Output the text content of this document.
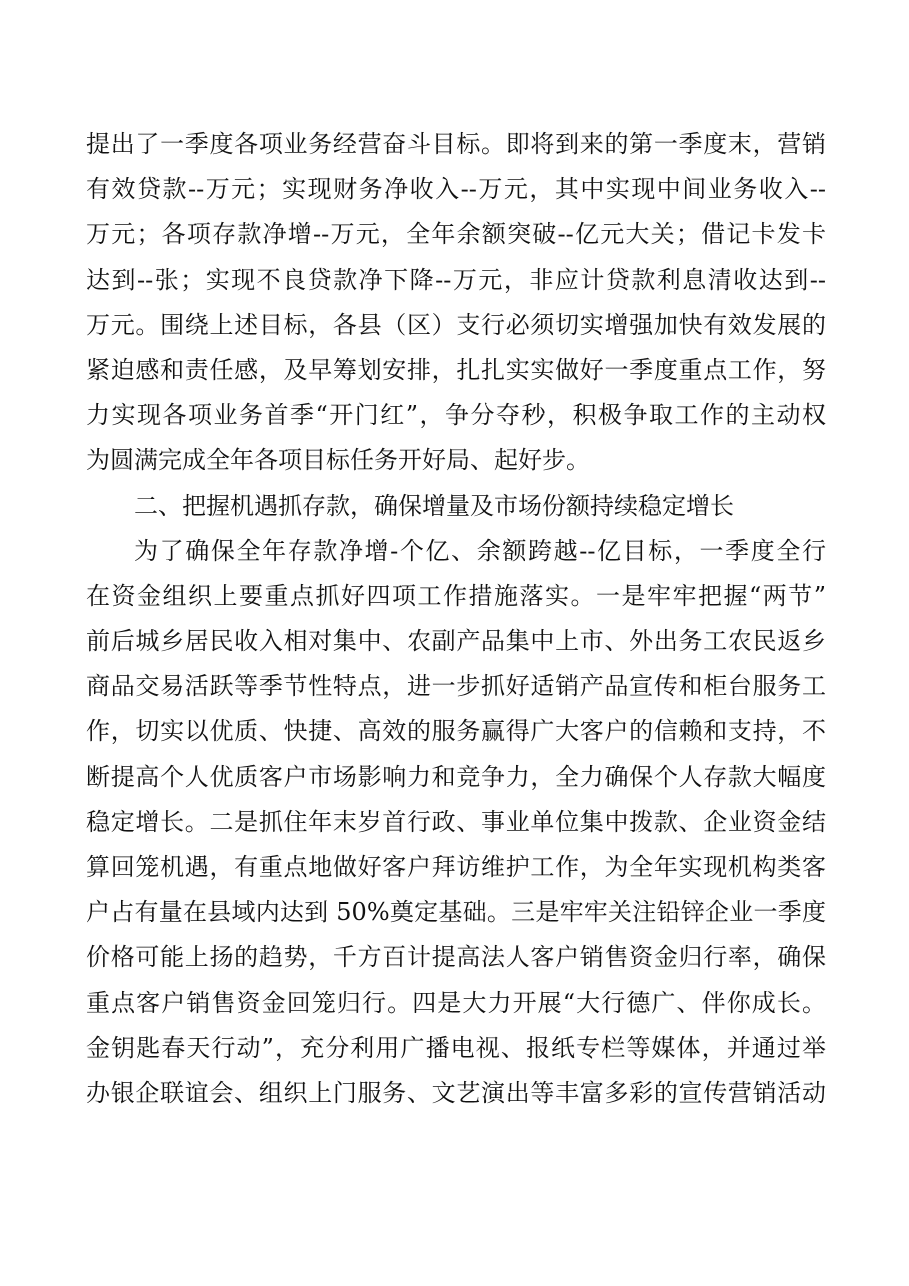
提出了一季度各项业务经营奋斗目标。即将到来的第一季度末，营销
有效贷款--万元；实现财务净收入--万元，其中实现中间业务收入--
万元；各项存款净增--万元，全年余额突破--亿元大关；借记卡发卡
达到--张；实现不良贷款净下降--万元，非应计贷款利息清收达到--
万元。围绕上述目标，各县（区）支行必须切实增强加快有效发展的
紧迫感和责任感，及早筹划安排，扎扎实实做好一季度重点工作，努
力实现各项业务首季“开门红”，争分夺秒，积极争取工作的主动权
为圆满完成全年各项目标任务开好局、起好步。
二、把握机遇抓存款，确保增量及市场份额持续稳定增长
为了确保全年存款净增-个亿、余额跨越--亿目标，一季度全行
在资金组织上要重点抓好四项工作措施落实。一是牢牢把握“两节”
前后城乡居民收入相对集中、农副产品集中上市、外出务工农民返乡
商品交易活跃等季节性特点，进一步抓好适销产品宣传和柜台服务工
作，切实以优质、快捷、高效的服务赢得广大客户的信赖和支持，不
断提高个人优质客户市场影响力和竞争力，全力确保个人存款大幅度
稳定增长。二是抓住年末岁首行政、事业单位集中拨款、企业资金结
算回笼机遇，有重点地做好客户拜访维护工作，为全年实现机构类客
户占有量在县域内达到 50%奠定基础。三是牢牢关注铅锌企业一季度
价格可能上扬的趋势，千方百计提高法人客户销售资金归行率，确保
重点客户销售资金回笼归行。四是大力开展“大行德广、伴你成长。
金钥匙春天行动”，充分利用广播电视、报纸专栏等媒体，并通过举
办银企联谊会、组织上门服务、文艺演出等丰富多彩的宣传营销活动
